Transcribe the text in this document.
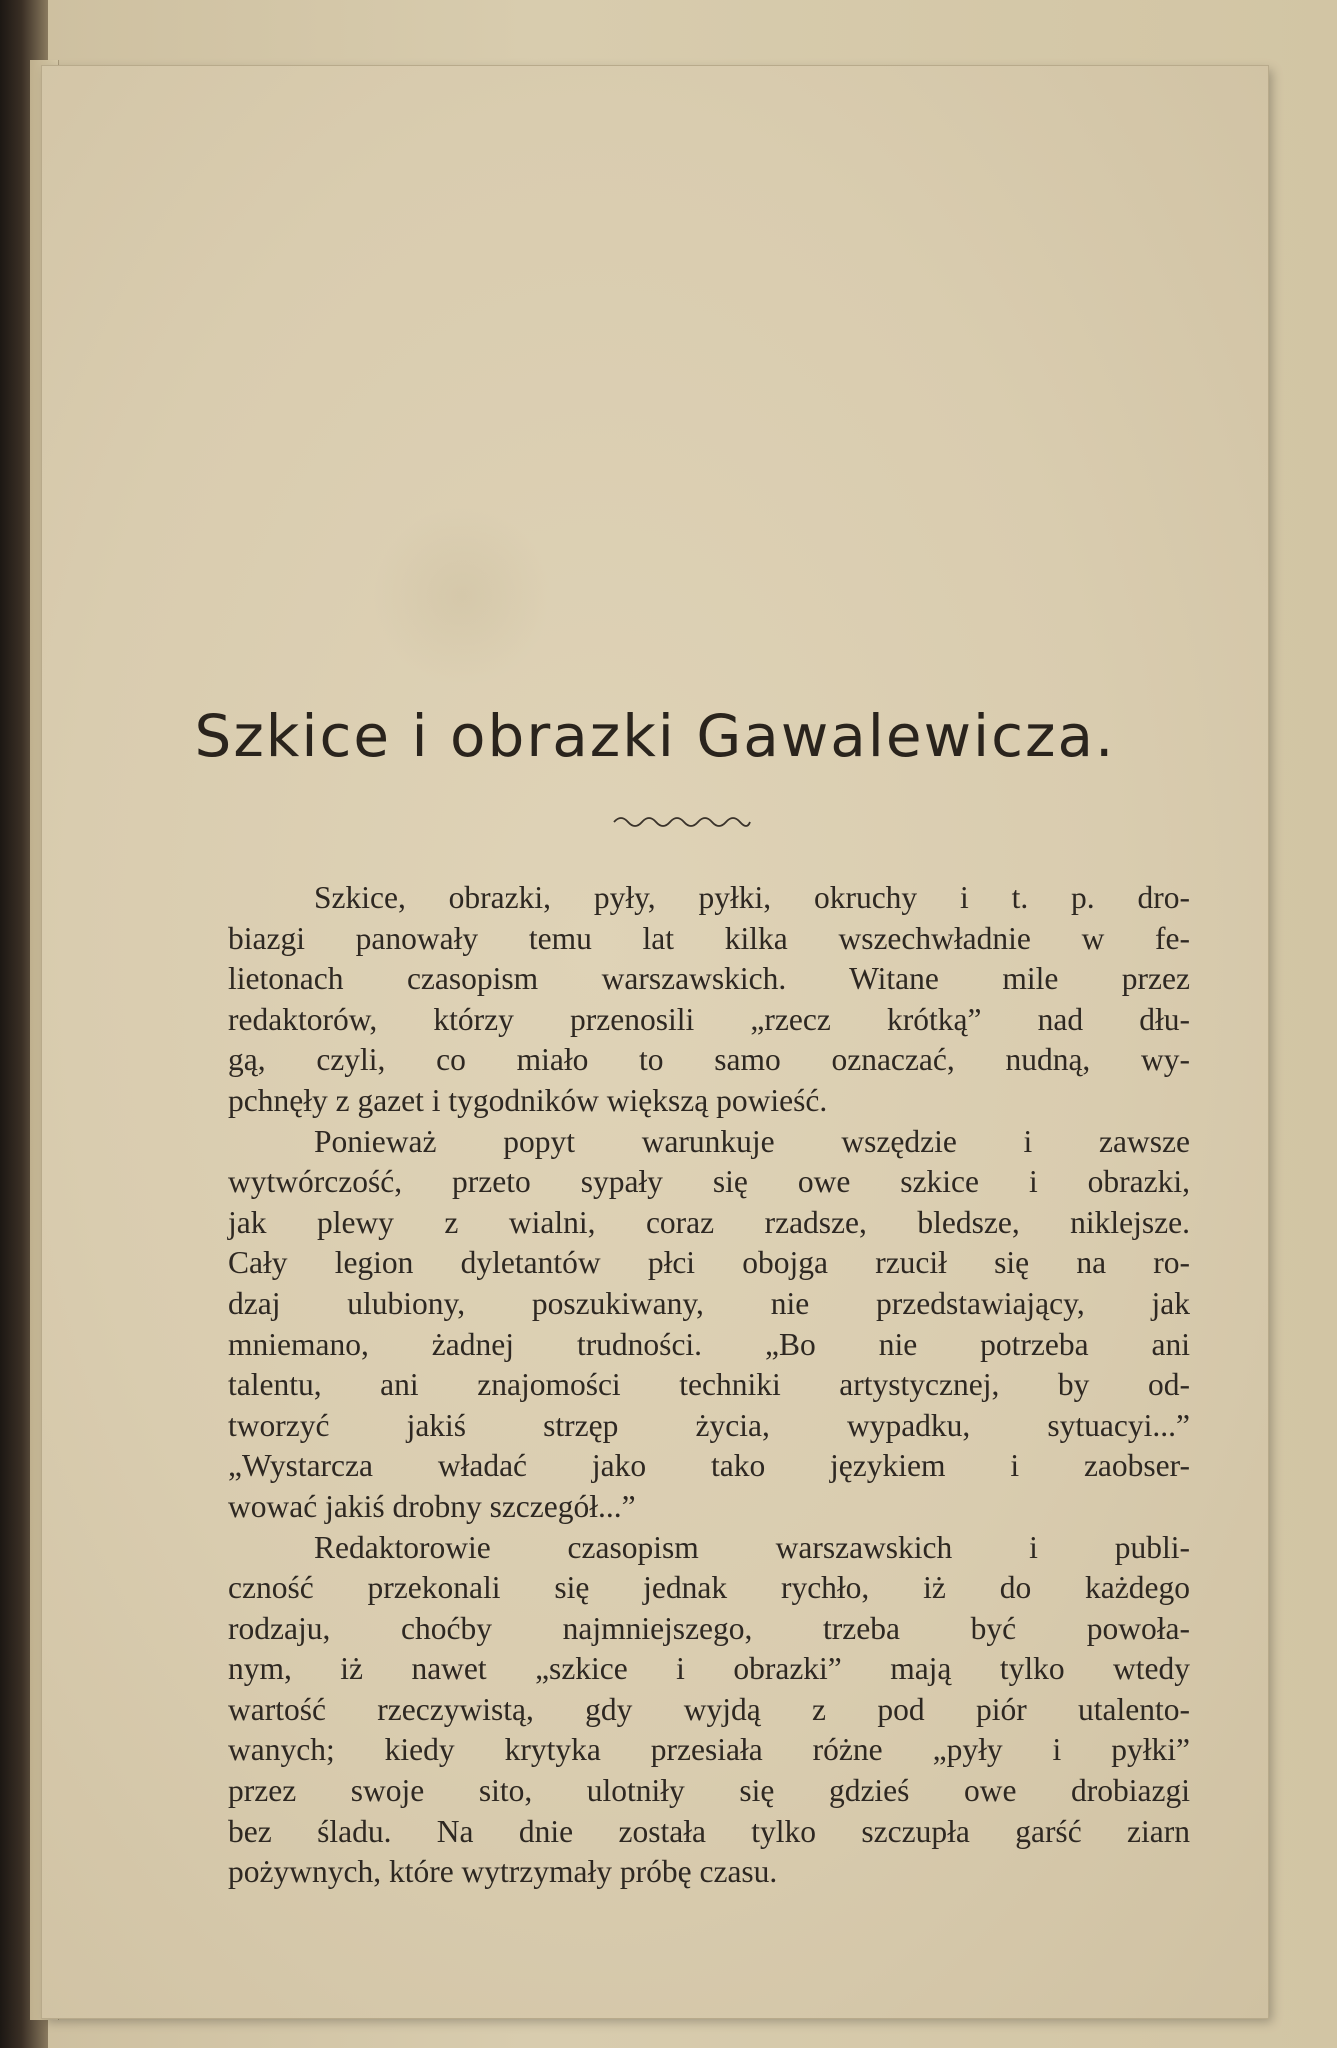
Szkice i obrazki Gawalewicza.
Szkice, obrazki, pyły, pyłki, okruchy i t. p. dro-
biazgi panowały temu lat kilka wszechwładnie w fe-
lietonach czasopism warszawskich. Witane mile przez
redaktorów, którzy przenosili „rzecz krótką” nad dłu-
gą, czyli, co miało to samo oznaczać, nudną, wy-
pchnęły z gazet i tygodników większą powieść.
Ponieważ popyt warunkuje wszędzie i zawsze
wytwórczość, przeto sypały się owe szkice i obrazki,
jak plewy z wialni, coraz rzadsze, bledsze, niklejsze.
Cały legion dyletantów płci obojga rzucił się na ro-
dzaj ulubiony, poszukiwany, nie przedstawiający, jak
mniemano, żadnej trudności. „Bo nie potrzeba ani
talentu, ani znajomości techniki artystycznej, by od-
tworzyć jakiś strzęp życia, wypadku, sytuacyi...”
„Wystarcza władać jako tako językiem i zaobser-
wować jakiś drobny szczegół...”
Redaktorowie czasopism warszawskich i publi-
czność przekonali się jednak rychło, iż do każdego
rodzaju, choćby najmniejszego, trzeba być powoła-
nym, iż nawet „szkice i obrazki” mają tylko wtedy
wartość rzeczywistą, gdy wyjdą z pod piór utalento-
wanych; kiedy krytyka przesiała różne „pyły i pyłki”
przez swoje sito, ulotniły się gdzieś owe drobiazgi
bez śladu. Na dnie została tylko szczupła garść ziarn
pożywnych, które wytrzymały próbę czasu.
